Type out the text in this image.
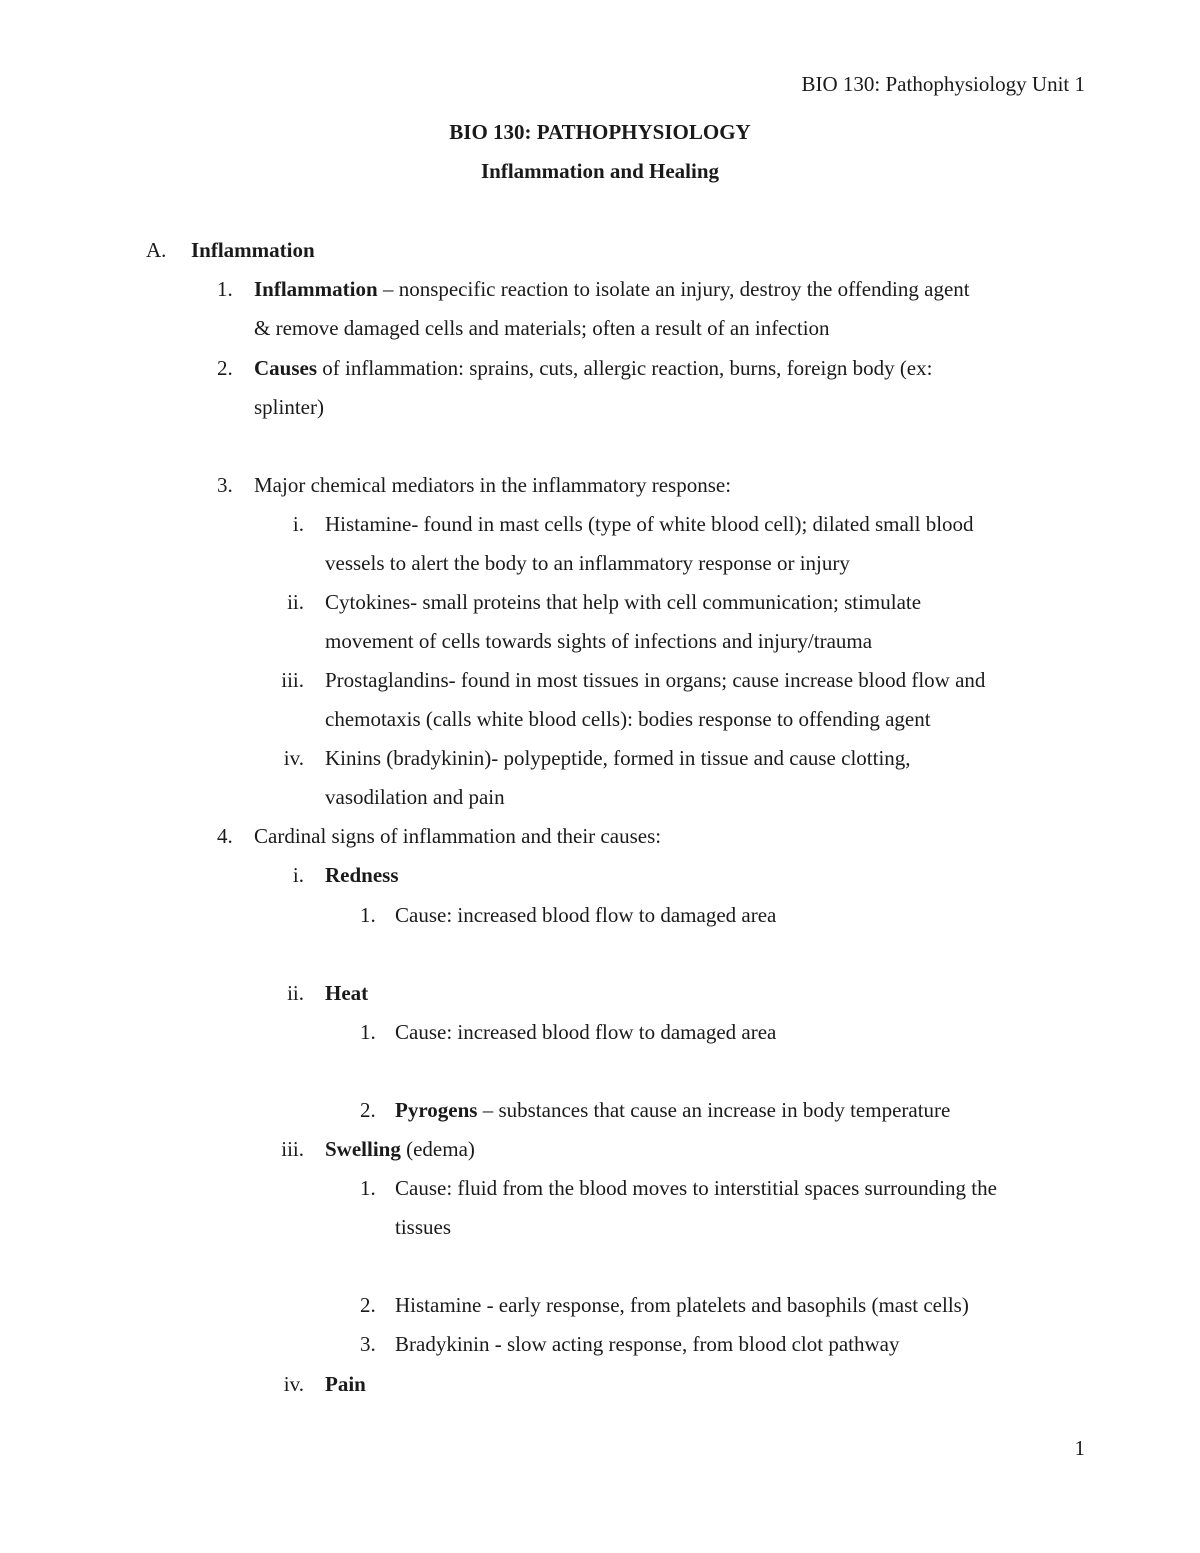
BIO 130: Pathophysiology Unit 1
BIO 130: PATHOPHYSIOLOGY
Inflammation and Healing
A. Inflammation
1. Inflammation – nonspecific reaction to isolate an injury, destroy the offending agent
& remove damaged cells and materials; often a result of an infection
2. Causes of inflammation: sprains, cuts, allergic reaction, burns, foreign body (ex:
splinter)
3. Major chemical mediators in the inflammatory response:
i. Histamine- found in mast cells (type of white blood cell); dilated small blood
vessels to alert the body to an inflammatory response or injury
ii. Cytokines- small proteins that help with cell communication; stimulate
movement of cells towards sights of infections and injury/trauma
iii. Prostaglandins- found in most tissues in organs; cause increase blood flow and
chemotaxis (calls white blood cells): bodies response to offending agent
iv. Kinins (bradykinin)- polypeptide, formed in tissue and cause clotting,
vasodilation and pain
4. Cardinal signs of inflammation and their causes:
i. Redness
1. Cause: increased blood flow to damaged area
ii. Heat
1. Cause: increased blood flow to damaged area
2. Pyrogens – substances that cause an increase in body temperature
iii. Swelling (edema)
1. Cause: fluid from the blood moves to interstitial spaces surrounding the
tissues
2. Histamine - early response, from platelets and basophils (mast cells)
3. Bradykinin - slow acting response, from blood clot pathway
iv. Pain
1
